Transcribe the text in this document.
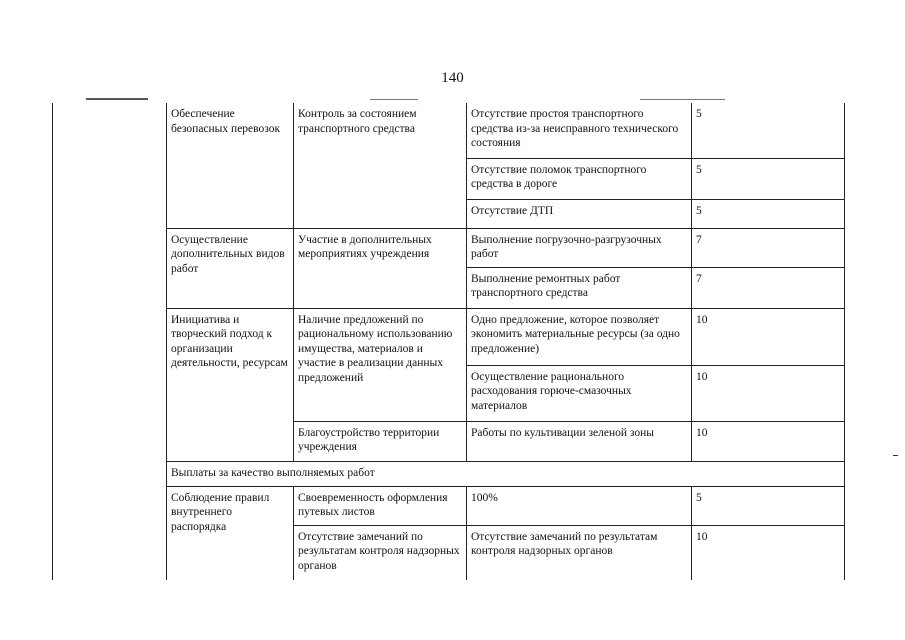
140
	Обеспечение безопасных перевозок	Контроль за состоянием транспортного средства	Отсутствие простоя транспортного средства из-за неисправного технического состояния	5
			Отсутствие поломок транспортного средства в дороге	5
			Отсутствие ДТП	5
	Осуществление дополнительных видов работ	Участие в дополнительных мероприятиях учреждения	Выполнение погрузочно-разгрузочных работ	7
			Выполнение ремонтных работ транспортного средства	7
	Инициатива и творческий подход к организации деятельности, ресурсам	Наличие предложений по рациональному использованию имущества, материалов и участие в реализации данных предложений	Одно предложение, которое позволяет экономить материальные ресурсы (за одно предложение)	10
			Осуществление рационального расходования горюче-смазочных материалов	10
		Благоустройство территории учреждения	Работы по культивации зеленой зоны	10
	Выплаты за качество выполняемых работ			
	Соблюдение правил внутреннего распорядка	Своевременность оформления путевых листов	100%	5
		Отсутствие замечаний по результатам контроля надзорных органов	Отсутствие замечаний по результатам контроля надзорных органов	10
